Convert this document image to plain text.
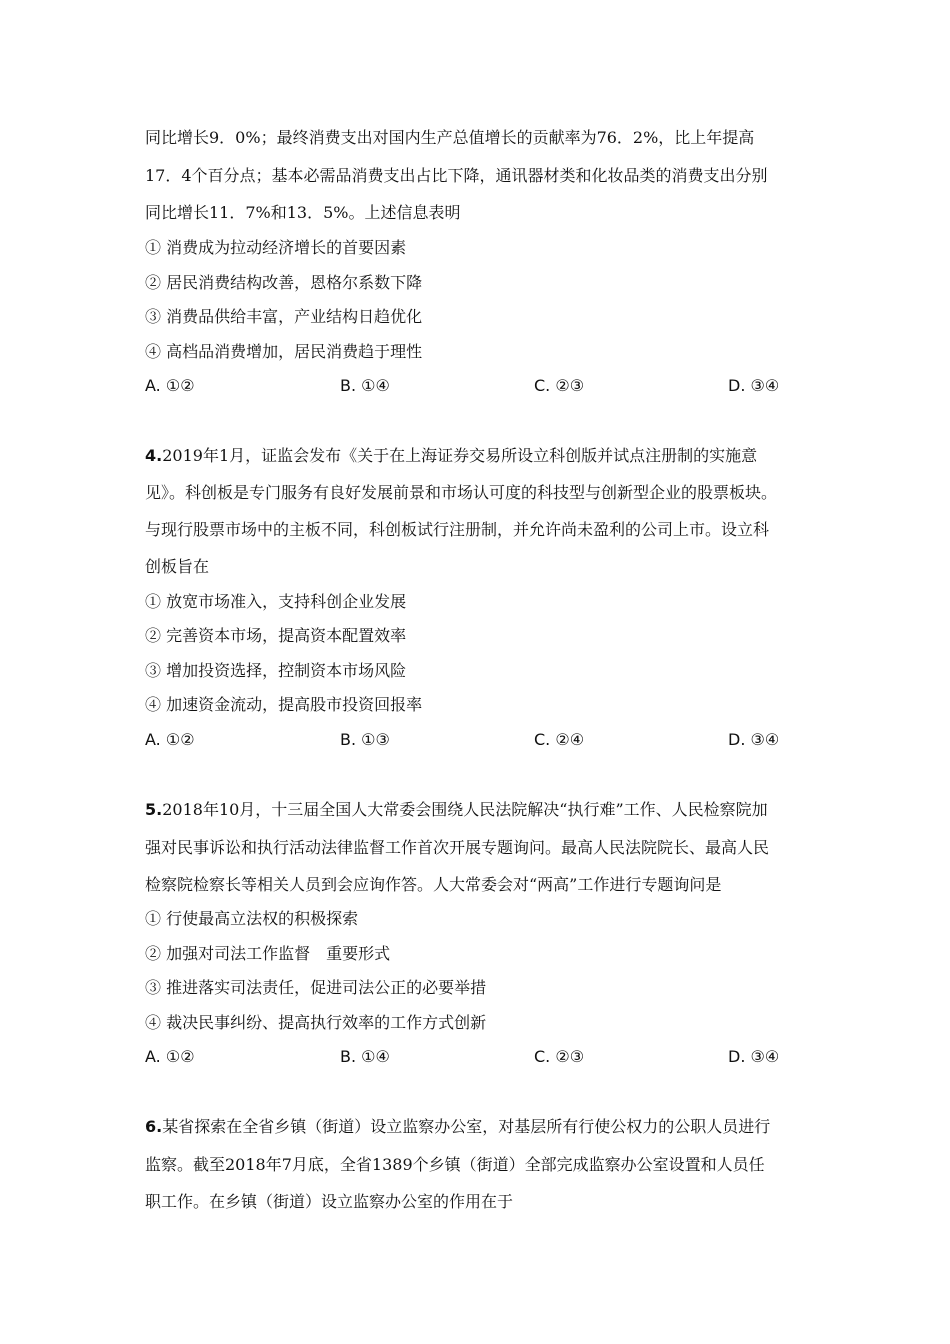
同比增长9．0%；最终消费支出对国内生产总值增长的贡献率为76．2%，比上年提高
17．4个百分点；基本必需品消费支出占比下降，通讯器材类和化妆品类的消费支出分别
同比增长11．7%和13．5%。上述信息表明
① 消费成为拉动经济增长的首要因素
② 居民消费结构改善，恩格尔系数下降
③ 消费品供给丰富，产业结构日趋优化
④ 高档品消费增加，居民消费趋于理性
A. ①②	B. ①④	C. ②③	D. ③④
4.2019年1月，证监会发布《关于在上海证券交易所设立科创版并试点注册制的实施意
见》。科创板是专门服务有良好发展前景和市场认可度的科技型与创新型企业的股票板块。
与现行股票市场中的主板不同，科创板试行注册制，并允许尚未盈利的公司上市。设立科
创板旨在
① 放宽市场准入，支持科创企业发展
② 完善资本市场，提高资本配置效率
③ 增加投资选择，控制资本市场风险
④ 加速资金流动，提高股市投资回报率
A. ①②	B. ①③	C. ②④	D. ③④
5.2018年10月，十三届全国人大常委会围绕人民法院解决“执行难”工作、人民检察院加
强对民事诉讼和执行活动法律监督工作首次开展专题询问。最高人民法院院长、最高人民
检察院检察长等相关人员到会应询作答。人大常委会对“两高”工作进行专题询问是
① 行使最高立法权的积极探索
② 加强对司法工作监督　重要形式
③ 推进落实司法责任，促进司法公正的必要举措
④ 裁决民事纠纷、提高执行效率的工作方式创新
A. ①②	B. ①④	C. ②③	D. ③④
6.某省探索在全省乡镇（街道）设立监察办公室，对基层所有行使公权力的公职人员进行
监察。截至2018年7月底，全省1389个乡镇（街道）全部完成监察办公室设置和人员任
职工作。在乡镇（街道）设立监察办公室的作用在于
